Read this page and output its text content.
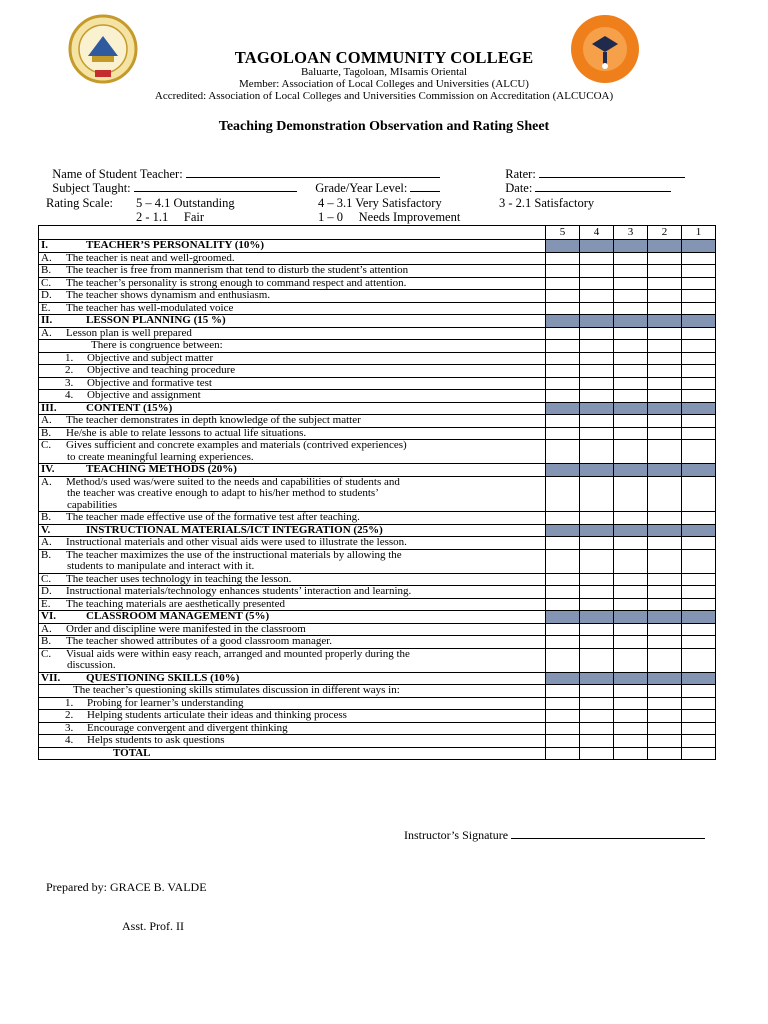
TAGOLOAN COMMUNITY COLLEGE
Baluarte, Tagoloan, MIsamis Oriental
Member: Association of Local Colleges and Universities (ALCU)
Accredited: Association of Local Colleges and Universities Commission on Accreditation (ALCUCOA)
Teaching Demonstration Observation and Rating Sheet

Name of Student Teacher:	Rater:

Subject Taught:	Grade/Year Level:	Date:

Rating Scale: 5 – 4.1 Outstanding	4 – 3.1 Very Satisfactory	3 - 2.1 Satisfactory
2 - 1.1     Fair	1 – 0     Needs Improvement
	5	4	3	2	1
I. TEACHER’S PERSONALITY (10%)					
A. The teacher is neat and well-groomed.					
B. The teacher is free from mannerism that tend to disturb the student’s attention					
C. The teacher’s personality is strong enough to command respect and attention.					
D. The teacher shows dynamism and enthusiasm.					
E. The teacher has well-modulated voice					
II. LESSON PLANNING (15 %)					
A. Lesson plan is well prepared					

There is congruence between:					

1. Objective and subject matter					
2. Objective and teaching procedure					
3. Objective and formative test					
4. Objective and assignment					
III. CONTENT (15%)					
A. The teacher demonstrates in depth knowledge of the subject matter					
B. He/she is able to relate lessons to actual life situations.					
C. Gives sufficient and concrete examples and materials (contrived experiences)
to create meaningful learning experiences.					

IV. TEACHING METHODS (20%)					
A. Method/s used was/were suited to the needs and capabilities of students and
the teacher was creative enough to adapt to his/her method to students’
capabilities					

B. The teacher made effective use of the formative test after teaching.					
V. INSTRUCTIONAL MATERIALS/ICT INTEGRATION (25%)					
A. Instructional materials and other visual aids were used to illustrate the lesson.					
B. The teacher maximizes the use of the instructional materials by allowing the
students to manipulate and interact with it.					

C. The teacher uses technology in teaching the lesson.					
D. Instructional materials/technology enhances students’ interaction and learning.					
E. The teaching materials are aesthetically presented					
VI. CLASSROOM MANAGEMENT (5%)					
A. Order and discipline were manifested in the classroom					
B. The teacher showed attributes of a good classroom manager.					
C. Visual aids were within easy reach, arranged and mounted properly during the
discussion.					

VII. QUESTIONING SKILLS (10%)					

The teacher’s questioning skills stimulates discussion in different ways in:					

1. Probing for learner’s understanding					
2. Helping students articulate their ideas and thinking process					
3. Encourage convergent and divergent thinking					
4. Helps students to ask questions					

TOTAL					

Instructor’s Signature

Prepared by: GRACE B. VALDE

Asst. Prof. II
